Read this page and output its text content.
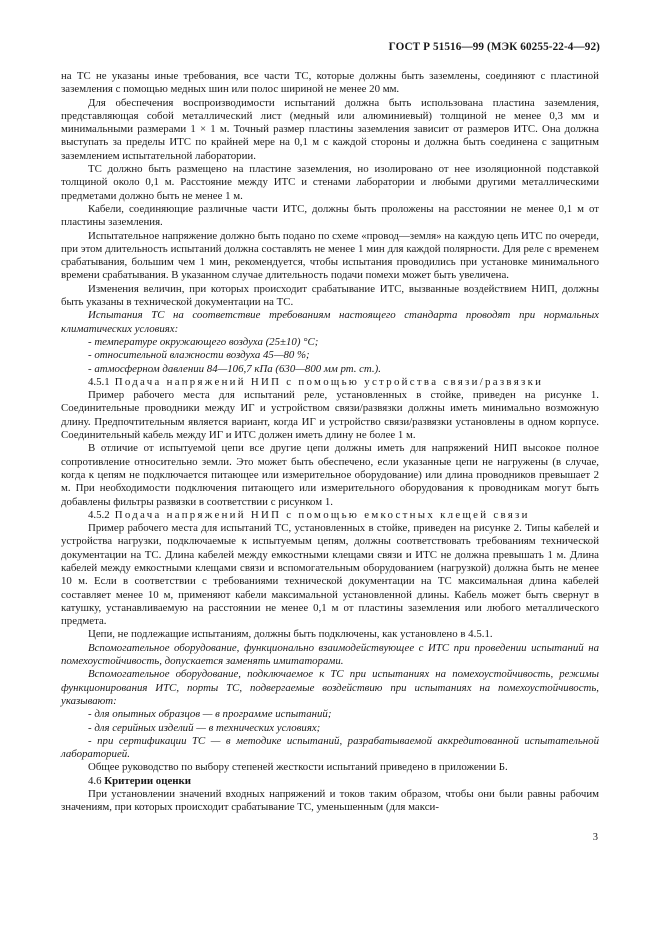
ГОСТ Р 51516—99 (МЭК 60255-22-4—92)

на ТС не указаны иные требования, все части ТС, которые должны быть заземлены, соединяют с пластиной заземления с помощью медных шин или полос шириной не менее 20 мм.

Для обеспечения воспроизводимости испытаний должна быть использована пластина заземления, представляющая собой металлический лист (медный или алюминиевый) толщиной не менее 0,3 мм и минимальными размерами 1 × 1 м. Точный размер пластины заземления зависит от размеров ИТС. Она должна выступать за пределы ИТС по крайней мере на 0,1 м с каждой стороны и должна быть соединена с защитным заземлением испытательной лаборатории.

ТС должно быть размещено на пластине заземления, но изолировано от нее изоляционной подставкой толщиной около 0,1 м. Расстояние между ИТС и стенами лаборатории и любыми другими металлическими предметами должно быть не менее 1 м.

Кабели, соединяющие различные части ИТС, должны быть проложены на расстоянии не менее 0,1 м от пластины заземления.

Испытательное напряжение должно быть подано по схеме «провод—земля» на каждую цепь ИТС по очереди, при этом длительность испытаний должна составлять не менее 1 мин для каждой полярности. Для реле с временем срабатывания, большим чем 1 мин, рекомендуется, чтобы испытания проводились при установке минимального времени срабатывания. В указанном случае длительность подачи помехи может быть увеличена.

Изменения величин, при которых происходит срабатывание ИТС, вызванные воздействием НИП, должны быть указаны в технической документации на ТС.

Испытания ТС на соответствие требованиям настоящего стандарта проводят при нормальных климатических условиях:

- температуре окружающего воздуха (25±10) °С;

- относительной влажности воздуха 45—80 %;

- атмосферном давлении 84—106,7 кПа (630—800 мм рт. ст.).

4.5.1 Подача напряжений НИП с помощью устройства связи/развязки

Пример рабочего места для испытаний реле, установленных в стойке, приведен на рисунке 1. Соединительные проводники между ИГ и устройством связи/развязки должны иметь минимально возможную длину. Предпочтительным является вариант, когда ИГ и устройство связи/развязки установлены в одном корпусе. Соединительный кабель между ИГ и ИТС должен иметь длину не более 1 м.

В отличие от испытуемой цепи все другие цепи должны иметь для напряжений НИП высокое полное сопротивление относительно земли. Это может быть обеспечено, если указанные цепи не нагружены (в случае, когда к цепям не подключается питающее или измерительное оборудование) или длина проводников превышает 2 м. При необходимости подключения питающего или измерительного оборудования к проводникам могут быть добавлены фильтры развязки в соответствии с рисунком 1.

4.5.2 Подача напряжений НИП с помощью емкостных клещей связи

Пример рабочего места для испытаний ТС, установленных в стойке, приведен на рисунке 2. Типы кабелей и устройства нагрузки, подключаемые к испытуемым цепям, должны соответствовать требованиям технической документации на ТС. Длина кабелей между емкостными клещами связи и ИТС не должна превышать 1 м. Длина кабелей между емкостными клещами связи и вспомогательным оборудованием (нагрузкой) должна быть не менее 10 м. Если в соответствии с требованиями технической документации на ТС максимальная длина кабелей составляет менее 10 м, применяют кабели максимальной установленной длины. Кабель может быть свернут в катушку, устанавливаемую на расстоянии не менее 0,1 м от пластины заземления или любого металлического предмета.

Цепи, не подлежащие испытаниям, должны быть подключены, как установлено в 4.5.1.

Вспомогательное оборудование, функционально взаимодействующее с ИТС при проведении испытаний на помехоустойчивость, допускается заменять имитаторами.

Вспомогательное оборудование, подключаемое к ТС при испытаниях на помехоустойчивость, режимы функционирования ИТС, порты ТС, подвергаемые воздействию при испытаниях на помехоустойчивость, указывают:

- для опытных образцов — в программе испытаний;

- для серийных изделий — в технических условиях;

- при сертификации ТС — в методике испытаний, разрабатываемой аккредитованной испытательной лабораторией.

Общее руководство по выбору степеней жесткости испытаний приведено в приложении Б.

4.6 Критерии оценки

При установлении значений входных напряжений и токов таким образом, чтобы они были равны рабочим значениям, при которых происходит срабатывание ТС, уменьшенным (для макси-

3
